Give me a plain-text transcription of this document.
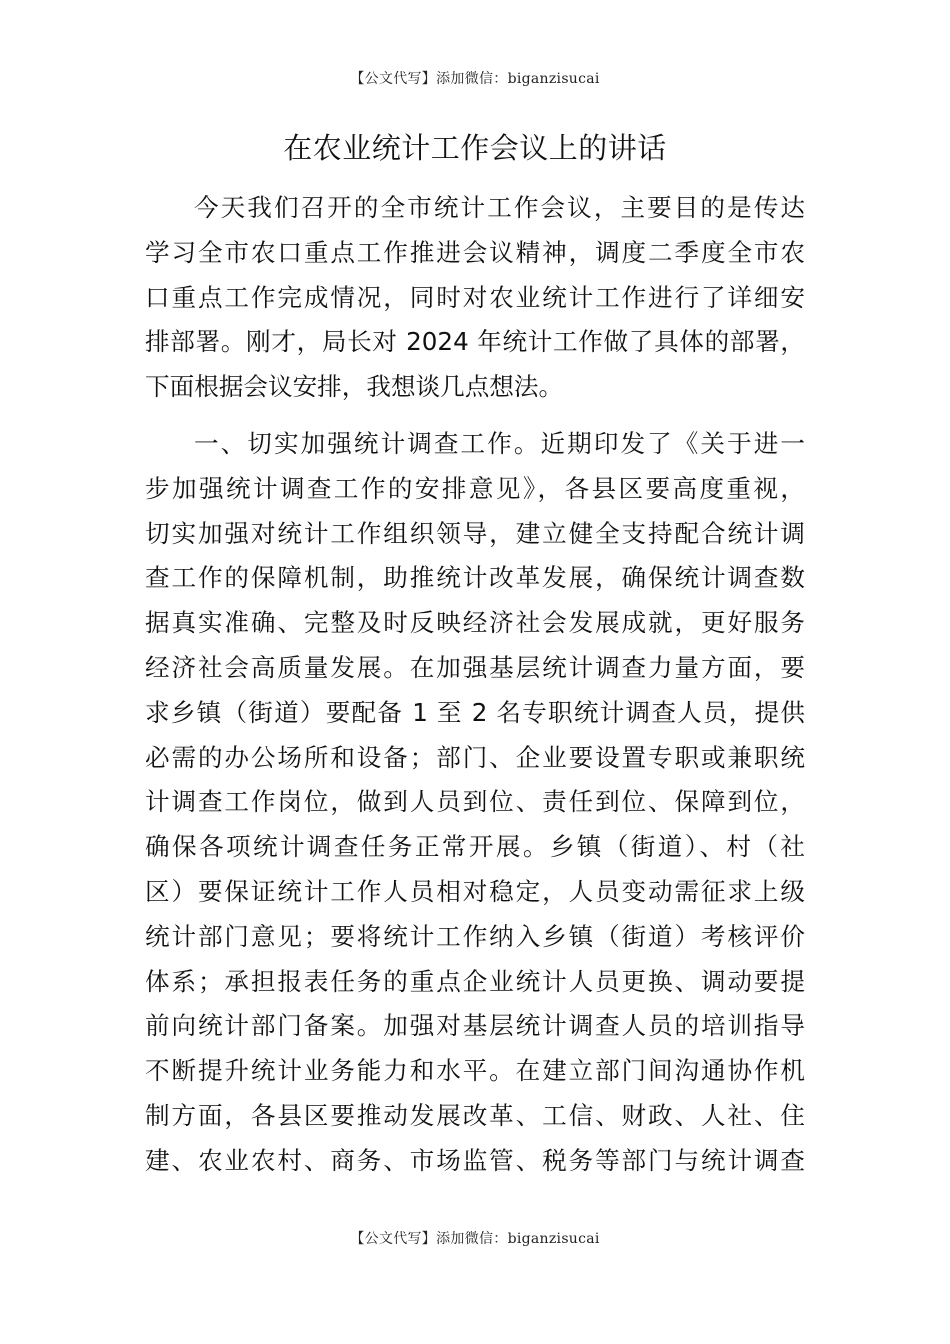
【公文代写】添加微信：biganzisucai
在农业统计工作会议上的讲话
今天我们召开的全市统计工作会议，主要目的是传达
学习全市农口重点工作推进会议精神，调度二季度全市农
口重点工作完成情况，同时对农业统计工作进行了详细安
排部署。刚才，局长对 2024 年统计工作做了具体的部署，
下面根据会议安排，我想谈几点想法。
一、切实加强统计调查工作。近期印发了《关于进一
步加强统计调查工作的安排意见》，各县区要高度重视，
切实加强对统计工作组织领导，建立健全支持配合统计调
查工作的保障机制，助推统计改革发展，确保统计调查数
据真实准确、完整及时反映经济社会发展成就，更好服务
经济社会高质量发展。在加强基层统计调查力量方面，要
求乡镇（街道）要配备 1 至 2 名专职统计调查人员，提供
必需的办公场所和设备；部门、企业要设置专职或兼职统
计调查工作岗位，做到人员到位、责任到位、保障到位，
确保各项统计调查任务正常开展。乡镇（街道）、村（社
区）要保证统计工作人员相对稳定，人员变动需征求上级
统计部门意见；要将统计工作纳入乡镇（街道）考核评价
体系；承担报表任务的重点企业统计人员更换、调动要提
前向统计部门备案。加强对基层统计调查人员的培训指导
不断提升统计业务能力和水平。在建立部门间沟通协作机
制方面，各县区要推动发展改革、工信、财政、人社、住
建、农业农村、商务、市场监管、税务等部门与统计调查
【公文代写】添加微信：biganzisucai
